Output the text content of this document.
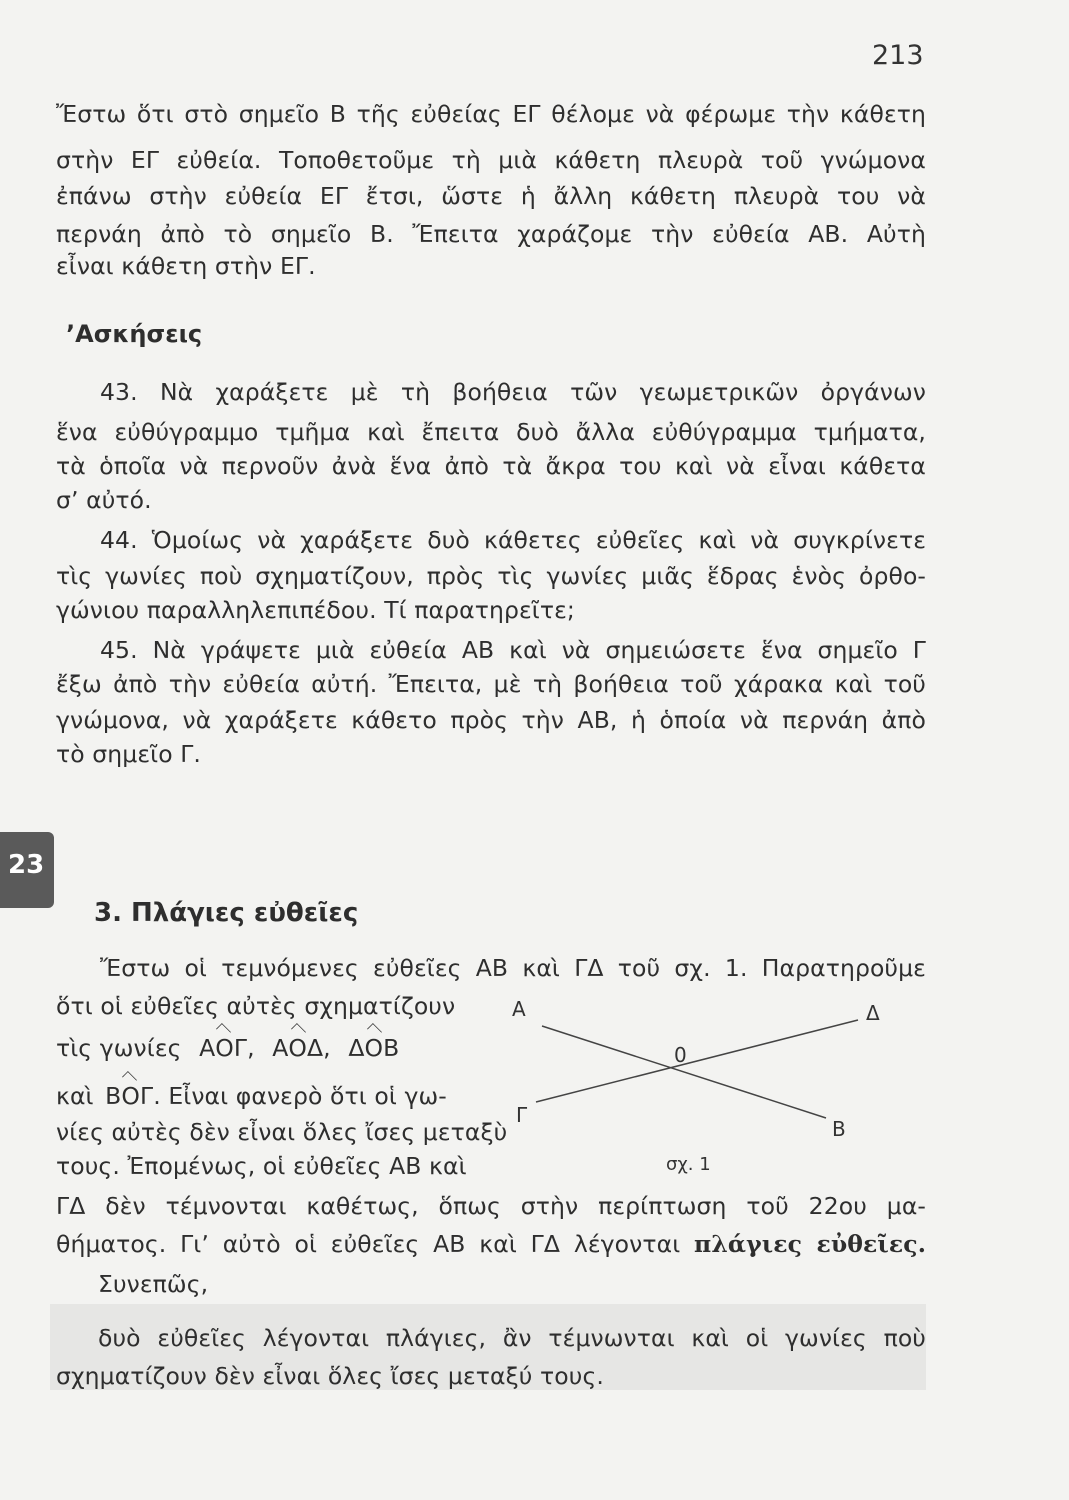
213
Ἔστω ὅτι στὸ σημεῖο Β τῆς εὐθείας ΕΓ θέλομε νὰ φέρωμε τὴν κάθετη
στὴν ΕΓ εὐθεία. Τοποθετοῦμε τὴ μιὰ κάθετη πλευρὰ τοῦ γνώμονα
ἐπάνω στὴν εὐθεία ΕΓ ἔτσι, ὥστε ἡ ἄλλη κάθετη πλευρὰ του νὰ
περνάη ἀπὸ τὸ σημεῖο Β. Ἔπειτα χαράζομε τὴν εὐθεία ΑΒ. Αὐτὴ
εἶναι κάθετη στὴν ΕΓ.
ʼΑσκήσεις
43. Νὰ χαράξετε μὲ τὴ βοήθεια τῶν γεωμετρικῶν ὀργάνων
ἕνα εὐθύγραμμο τμῆμα καὶ ἔπειτα δυὸ ἄλλα εὐθύγραμμα τμήματα,
τὰ ὁποῖα νὰ περνοῦν ἀνὰ ἕνα ἀπὸ τὰ ἄκρα του καὶ νὰ εἶναι κάθετα
σʼ αὐτό.
44. Ὁμοίως νὰ χαράξετε δυὸ κάθετες εὐθεῖες καὶ νὰ συγκρίνετε
τὶς γωνίες ποὺ σχηματίζουν, πρὸς τὶς γωνίες μιᾶς ἕδρας ἑνὸς ὀρθο-
γώνιου παραλληλεπιπέδου. Τί παρατηρεῖτε;
45. Νὰ γράψετε μιὰ εὐθεία ΑΒ καὶ νὰ σημειώσετε ἕνα σημεῖο Γ
ἔξω ἀπὸ τὴν εὐθεία αὐτή. Ἔπειτα, μὲ τὴ βοήθεια τοῦ χάρακα καὶ τοῦ
γνώμονα, νὰ χαράξετε κάθετο πρὸς τὴν ΑΒ, ἡ ὁποία νὰ περνάη ἀπὸ
τὸ σημεῖο Γ.
23
3. Πλάγιες εὐθεῖες
Ἔστω οἱ τεμνόμενες εὐθεῖες ΑΒ καὶ ΓΔ τοῦ σχ. 1. Παρατηροῦμε
ὅτι οἱ εὐθεῖες αὐτὲς σχηματίζουν
τὶς γωνίες ΑΟΓ, ΑΟΔ, ΔΟΒ
καὶ ΒΟΓ. Εἶναι φανερὸ ὅτι οἱ γω-
νίες αὐτὲς δὲν εἶναι ὅλες ἴσες μεταξὺ
τους. Ἐπομένως, οἱ εὐθεῖες ΑΒ καὶ
ΓΔ δὲν τέμνονται καθέτως, ὅπως στὴν περίπτωση τοῦ 22ου μα-
θήματος. Γιʼ αὐτὸ οἱ εὐθεῖες ΑΒ καὶ ΓΔ λέγονται πλάγιες εὐθεῖες.
Συνεπῶς,
Α	Δ
0
Γ
Β
σχ. 1
δυὸ εὐθεῖες λέγονται πλάγιες, ἂν τέμνωνται καὶ οἱ γωνίες ποὺ
σχηματίζουν δὲν εἶναι ὅλες ἴσες μεταξύ τους.
